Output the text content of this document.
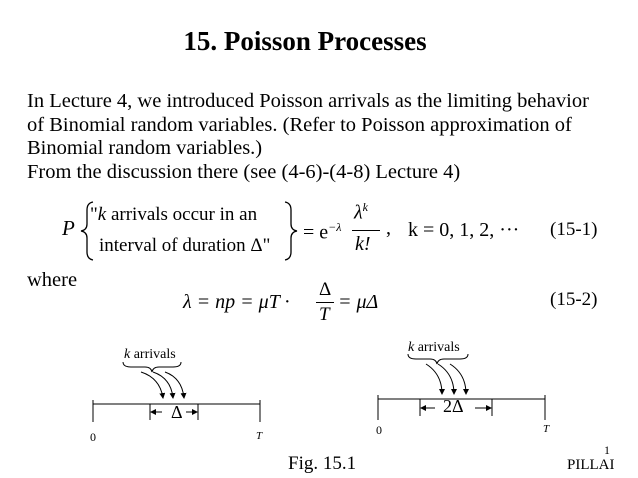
15. Poisson Processes
In Lecture 4, we introduced Poisson arrivals as the limiting behavior
of Binomial random variables. (Refer to Poisson approximation of
Binomial random variables.)
From the discussion there (see (4-6)-(4-8) Lecture 4)
P
"k arrivals occur in an
interval of duration Δ"
= $e^{-\lambda}$
$\lambda^k$
k!
, k = 0, 1, 2, ··· (15-1)
where
λ = np = μT ·
Δ
T
= μΔ	(15-2)
k arrivals
Δ
0	T
k arrivals
2Δ
0	T
Fig. 15.1
1
PILLAI
